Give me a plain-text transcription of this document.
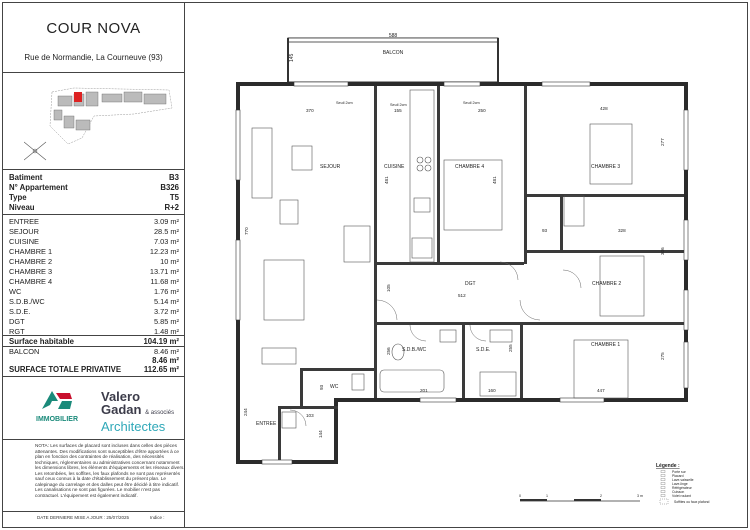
COUR NOVA
Rue de Normandie, La Courneuve (93)
Surface habitable	104.19 m²
BALCON	8.46 m²
8.46 m²
SURFACE TOTALE PRIVATIVE	112.65 m²
IMMOBILIER
Valero
Gadan & associés
Architectes
NOTA: Les surfaces de placard sont incluses dans celles des pièces attenantes. Des modifications sont susceptibles d'être apportées à ce plan en fonction des contraintes de réalisation, des nécessités techniques, réglementaires ou administratives concernant notamment les dimensions libres, les éléments d'équipements et les réseaux divers. Les retombées, les soffites, les faux plafonds ne sont pas représentés sauf ceux connus à la date d'établissement du présent plan. Le calepinage du carrelage et des dalles peut être décidé à titre indicatif. Les canalisations ne sont pas figurées. Le mobilier n'est pas contractuel. L'équipement est également indicatif.
DATE DERNIERE MISE A JOUR : 25/07/2025	Indice :
Batiment	B3
N° Appartement	B326
Type	T5
Niveau	R+2
ENTREE	3.09 m²
SEJOUR	28.5 m²
CUISINE	7.03 m²
CHAMBRE 1	12.23 m²
CHAMBRE 2	10 m²
CHAMBRE 3	13.71 m²
CHAMBRE 4	11.68 m²
WC	1.76 m²
S.D.B./WC	5.14 m²
S.D.E.	3.72 m²
DGT	5.85 m²
RGT	1.48 m²
BALCON
588
145
SEJOUR	CUISINE	CHAMBRE 4	CHAMBRE 3
CHAMBRE 2
CHAMBRE 1
DGT
S.D.B./WC	S.D.E.
WC
ENTREE
Seuil 2cm	Seuil 2cm	Seuil 2cm
370	155	250	428
277
770
481	481
512
105
93	328
306
256
201
255
160	447
275
244	103
144
93
Légende :
Porte sur
Placard
Lave-vaisselle
Lave-linge
Réfrigérateur
Cuisson
Volet roulant
Soffites ou faux plafond
0	1	2	3 m
